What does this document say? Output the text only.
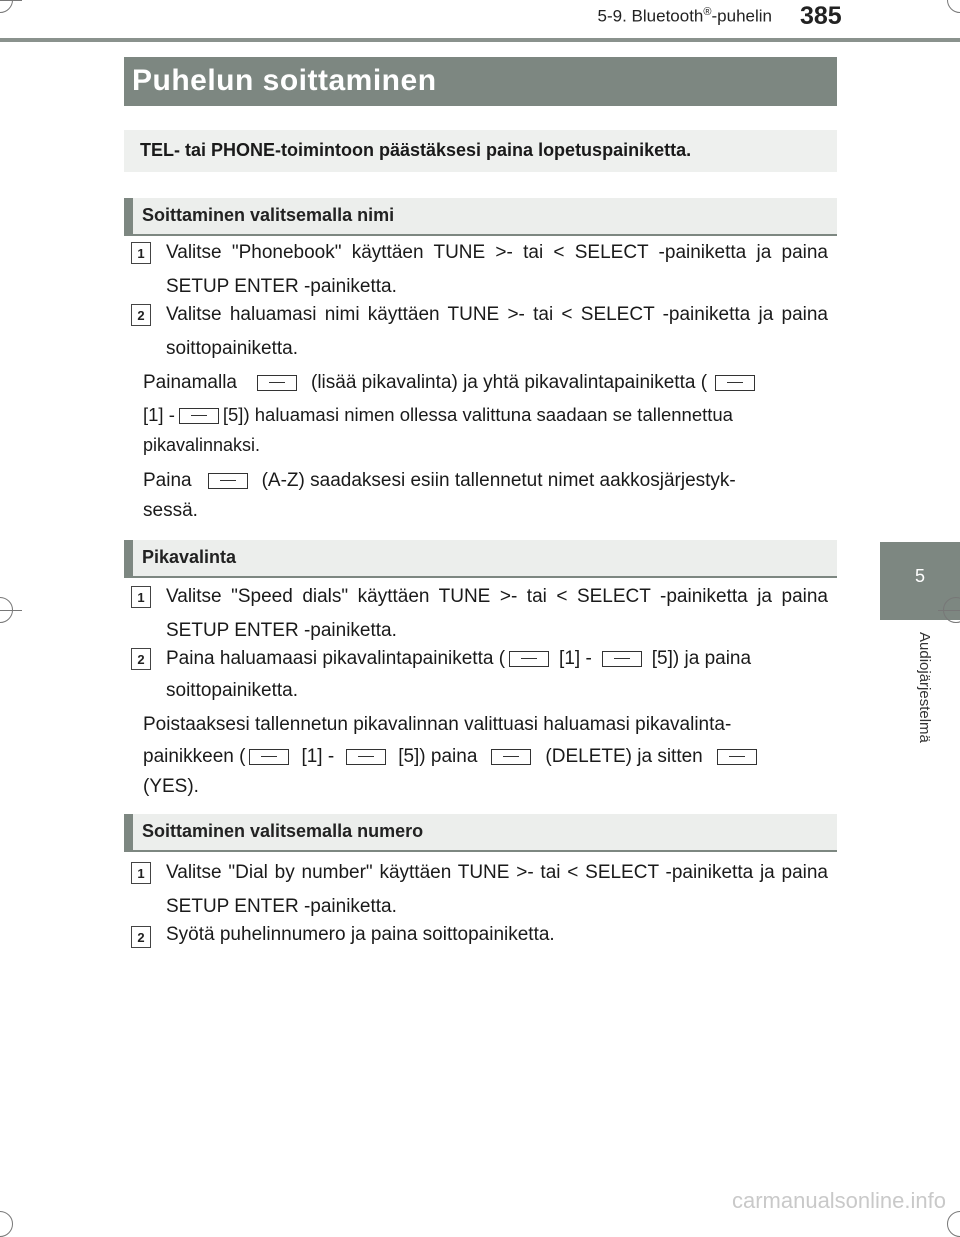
5-9. Bluetooth®-puhelin 385
5
Audiojärjestelmä
Puhelun soittaminen
TEL- tai PHONE-toimintoon päästäksesi paina lopetuspainiketta.
Soittaminen valitsemalla nimi
1	Valitse "Phonebook" käyttäen TUNE >- tai < SELECT -painiketta ja paina SETUP ENTER -painiketta.
2	Valitse haluamasi nimi käyttäen TUNE >- tai < SELECT -painiketta ja paina soittopainiketta.
Painamalla	(lisää pikavalinta) ja yhtä pikavalintapainiketta (
[1] -	[5]) haluamasi nimen ollessa valittuna saadaan se tallennettua
pikavalinnaksi.
Paina	(A-Z) saadaksesi esiin tallennetut nimet aakkosjärjestyk-
sessä.
Pikavalinta
1	Valitse "Speed dials" käyttäen TUNE >- tai < SELECT -painiketta ja paina SETUP ENTER -painiketta.
2	Paina haluamaasi pikavalintapainiketta (	[1] -	[5]) ja paina
soittopainiketta.
Poistaaksesi tallennetun pikavalinnan valittuasi haluamasi pikavalinta-
painikkeen (	[1] -	[5]) paina	(DELETE) ja sitten
(YES).
Soittaminen valitsemalla numero
1	Valitse "Dial by number" käyttäen TUNE >- tai < SELECT -painiketta ja paina SETUP ENTER -painiketta.
2	Syötä puhelinnumero ja paina soittopainiketta.
carmanualsonline.info
